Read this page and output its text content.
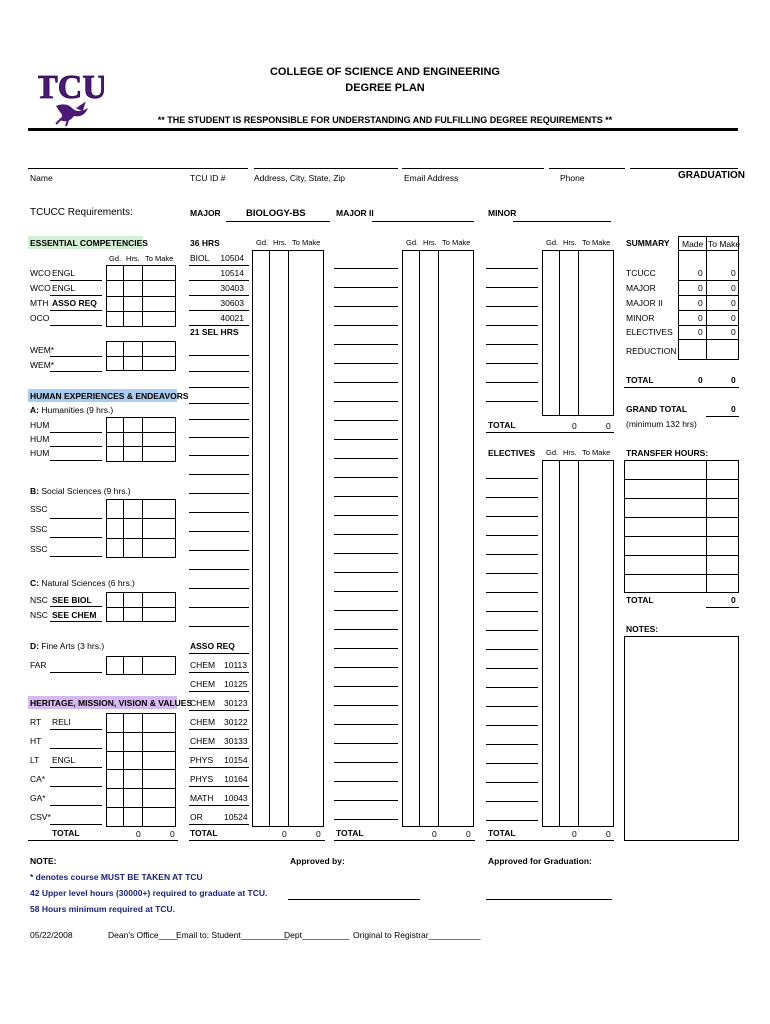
TCU	COLLEGE OF SCIENCE AND ENGINEERING
DEGREE PLAN
** THE STUDENT IS RESPONSIBLE FOR UNDERSTANDING AND FULFILLING DEGREE REQUIREMENTS **
Name	TCU ID #	Address, City, State, Zip	Email Address	Phone	GRADUATION
TCUCC Requirements:	MAJOR	BIOLOGY-BS	MAJOR II	MINOR
ESSENTIAL COMPETENCIES
Gd. Hrs. To Make

WCO ENGL
WCO ENGL
MTH ASSO REQ
OCO

WEM*
WEM*
HUMAN EXPERIENCES & ENDEAVORS
A: Humanities (9 hrs.)

HUM
HUM
HUM
B: Social Sciences (9 hrs.)

SSC
SSC
SSC
C: Natural Sciences (6 hrs.)

NSC SEE BIOL
NSC SEE CHEM
D: Fine Arts (3 hrs.)

FAR
HERITAGE, MISSION, VISION & VALUES

RT RELI
HT
LT ENGL
CA*
GA*
CSV*
TOTAL	0	0
36 HRS	Gd. Hrs. To Make
BIOL	10504
10514
30403
30603
40021
21 SEL HRS
ASSO REQ
CHEM 10113
CHEM 10125
CHEM 30123
CHEM 30122
CHEM 30133
PHYS 10154
PHYS 10164
MATH 10043
OR	10524
TOTAL	0	0
Gd. Hrs. To Make
TOTAL	0	0
Gd. Hrs. To Make
TOTAL	0	0
ELECTIVES Gd. Hrs. To Make
TOTAL	0	0
SUMMARY Made To Make
TCUCC	0	0
MAJOR	0	0
MAJOR II	0	0
MINOR	0	0
ELECTIVES	0	0
REDUCTION
TOTAL	0	0
GRAND TOTAL	0
(minimum 132 hrs)
TRANSFER HOURS:
TOTAL	0
NOTES:
NOTE:
* denotes course MUST BE TAKEN AT TCU
42 Upper level hours (30000+) required to graduate at TCU.
58 Hours minimum required at TCU.
Approved by:	Approved for Graduation:
05/22/2008	Dean's Office____
Email to: Student__________
Dept__________ Original to Registrar___________
